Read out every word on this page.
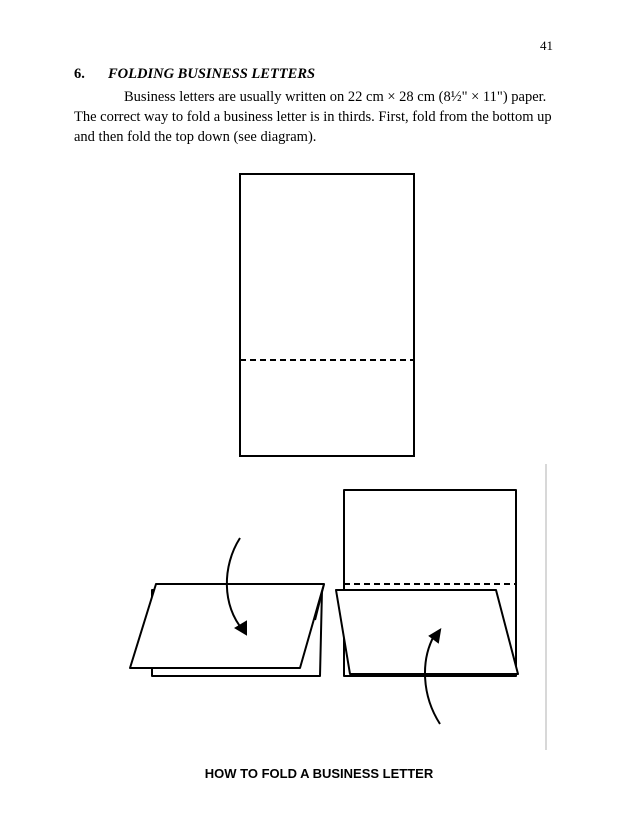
41
6. FOLDING BUSINESS LETTERS
Business letters are usually written on 22 cm × 28 cm (8½" × 11") paper. The correct way to fold a business letter is in thirds. First, fold from the bottom up and then fold the top down (see diagram).
HOW TO FOLD A BUSINESS LETTER
